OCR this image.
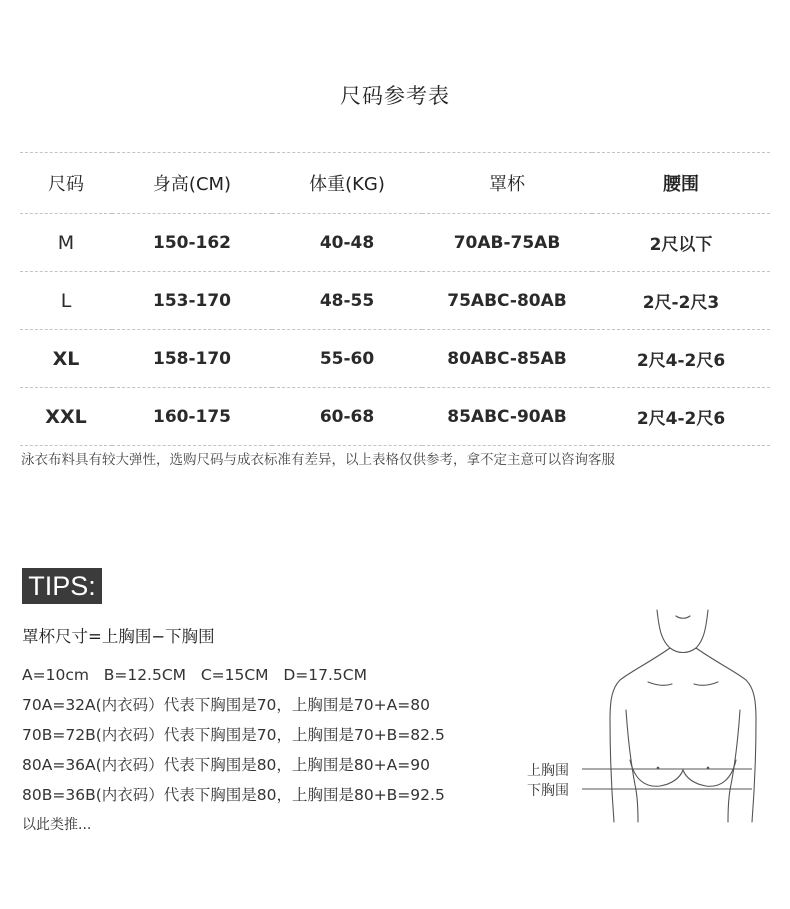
尺码参考表
尺码	身高(CM)	体重(KG)	罩杯	腰围
M	150-162	40-48	70AB-75AB	2尺以下
L	153-170	48-55	75ABC-80AB	2尺-2尺3
XL	158-170	55-60	80ABC-85AB	2尺4-2尺6
XXL	160-175	60-68	85ABC-90AB	2尺4-2尺6
泳衣布料具有较大弹性，选购尺码与成衣标准有差异，以上表格仅供参考，拿不定主意可以咨询客服
TIPS:
罩杯尺寸=上胸围−下胸围
A=10cm   B=12.5CM   C=15CM   D=17.5CM
70A=32A(内衣码）代表下胸围是70，上胸围是70+A=80
70B=72B(内衣码）代表下胸围是70，上胸围是70+B=82.5
80A=36A(内衣码）代表下胸围是80，上胸围是80+A=90
80B=36B(内衣码）代表下胸围是80，上胸围是80+B=92.5
以此类推...
上胸围
下胸围
